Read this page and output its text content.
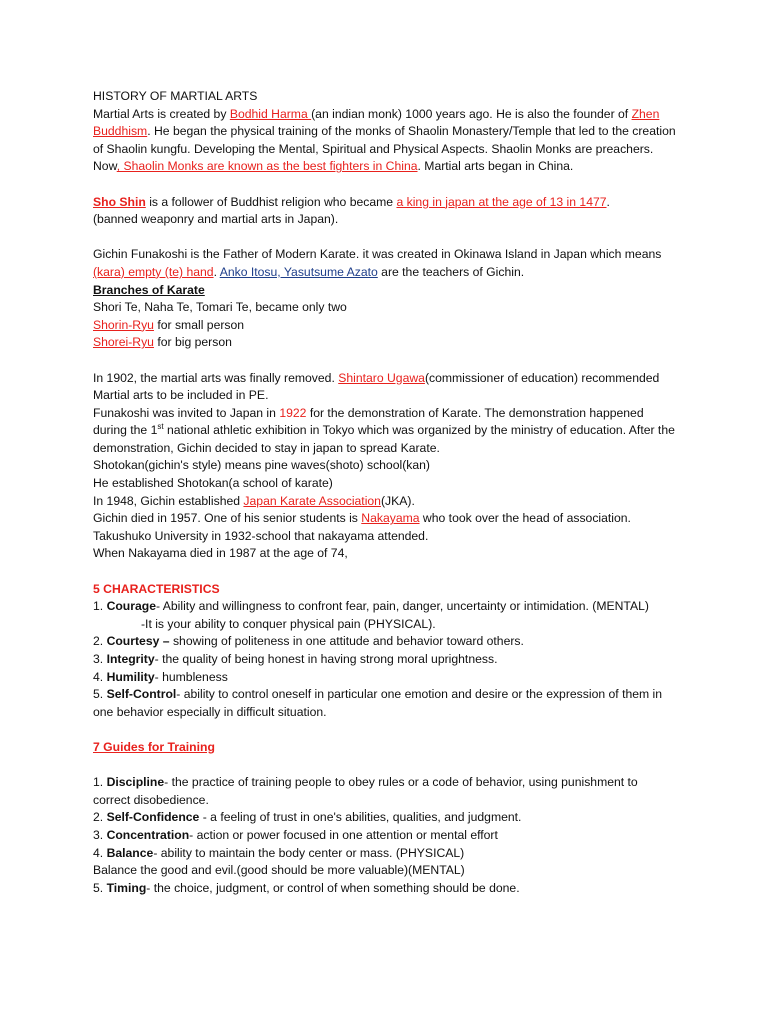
HISTORY OF MARTIAL ARTS

Martial Arts is created by Bodhid Harma (an indian monk) 1000 years ago. He is also the founder of Zhen Buddhism. He began the physical training of the monks of Shaolin Monastery/Temple that led to the creation of Shaolin kungfu. Developing the Mental, Spiritual and Physical Aspects. Shaolin Monks are preachers. Now, Shaolin Monks are known as the best fighters in China. Martial arts began in China.

Sho Shin is a follower of Buddhist religion who became a king in japan at the age of 13 in 1477.

(banned weaponry and martial arts in Japan).

Gichin Funakoshi is the Father of Modern Karate. it was created in Okinawa Island in Japan which means (kara) empty (te) hand. Anko Itosu, Yasutsume Azato are the teachers of Gichin.

Branches of Karate

Shori Te, Naha Te, Tomari Te, became only two

Shorin-Ryu for small person

Shorei-Ryu for big person

In 1902, the martial arts was finally removed. Shintaro Ugawa(commissioner of education) recommended Martial arts to be included in PE.

Funakoshi was invited to Japan in 1922 for the demonstration of Karate. The demonstration happened during the 1st national athletic exhibition in Tokyo which was organized by the ministry of education. After the demonstration, Gichin decided to stay in japan to spread Karate.

Shotokan(gichin's style) means pine waves(shoto) school(kan)

He established Shotokan(a school of karate)

In 1948, Gichin established Japan Karate Association(JKA).

Gichin died in 1957. One of his senior students is Nakayama who took over the head of association.

Takushuko University in 1932-school that nakayama attended.

When Nakayama died in 1987 at the age of 74,

5 CHARACTERISTICS

1. Courage- Ability and willingness to confront fear, pain, danger, uncertainty or intimidation. (MENTAL)

-It is your ability to conquer physical pain (PHYSICAL).

2. Courtesy – showing of politeness in one attitude and behavior toward others.

3. Integrity- the quality of being honest in having strong moral uprightness.

4. Humility- humbleness

5. Self-Control- ability to control oneself in particular one emotion and desire or the expression of them in one behavior especially in difficult situation.

7 Guides for Training

1. Discipline- the practice of training people to obey rules or a code of behavior, using punishment to correct disobedience.

2. Self-Confidence - a feeling of trust in one's abilities, qualities, and judgment.

3. Concentration- action or power focused in one attention or mental effort

4. Balance- ability to maintain the body center or mass. (PHYSICAL)

Balance the good and evil.(good should be more valuable)(MENTAL)

5. Timing- the choice, judgment, or control of when something should be done.
